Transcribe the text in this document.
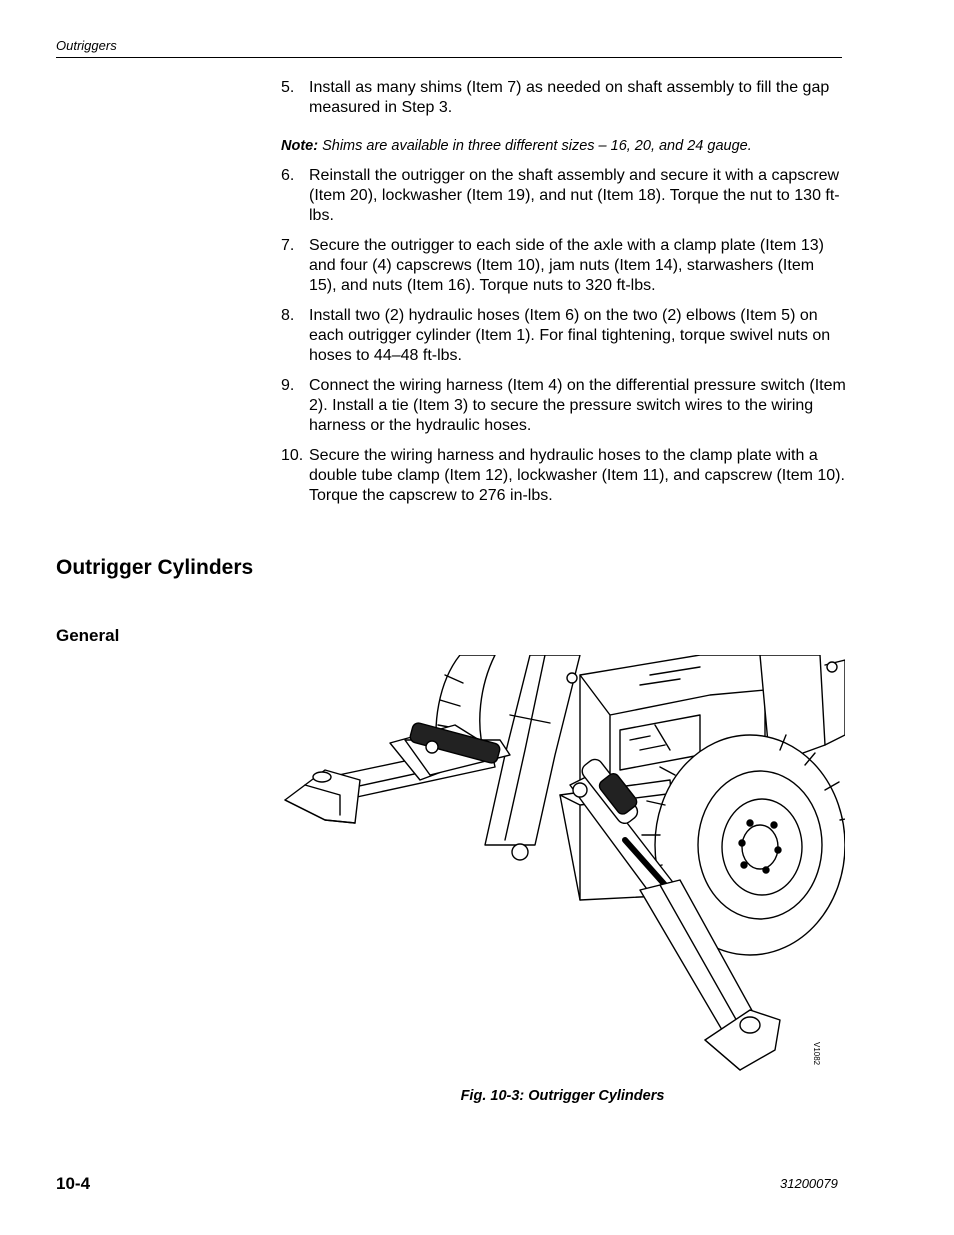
Outriggers
5. Install as many shims (Item 7) as needed on shaft assembly to fill the gap measured in Step 3.
Note: Shims are available in three different sizes – 16, 20, and 24 gauge.
6. Reinstall the outrigger on the shaft assembly and secure it with a capscrew (Item 20), lockwasher (Item 19), and nut (Item 18). Torque the nut to 130 ft-lbs.
7. Secure the outrigger to each side of the axle with a clamp plate (Item 13) and four (4) capscrews (Item 10), jam nuts (Item 14), starwashers (Item 15), and nuts (Item 16). Torque nuts to 320 ft-lbs.
8. Install two (2) hydraulic hoses (Item 6) on the two (2) elbows (Item 5) on each outrigger cylinder (Item 1). For final tightening, torque swivel nuts on hoses to 44–48 ft-lbs.
9. Connect the wiring harness (Item 4) on the differential pressure switch (Item 2). Install a tie (Item 3) to secure the pressure switch wires to the wiring harness or the hydraulic hoses.
10. Secure the wiring harness and hydraulic hoses to the clamp plate with a double tube clamp (Item 12), lockwasher (Item 11), and capscrew (Item 10). Torque the capscrew to 276 in-lbs.
Outrigger Cylinders
General
V1082
Fig. 10-3: Outrigger Cylinders
10-4	31200079
